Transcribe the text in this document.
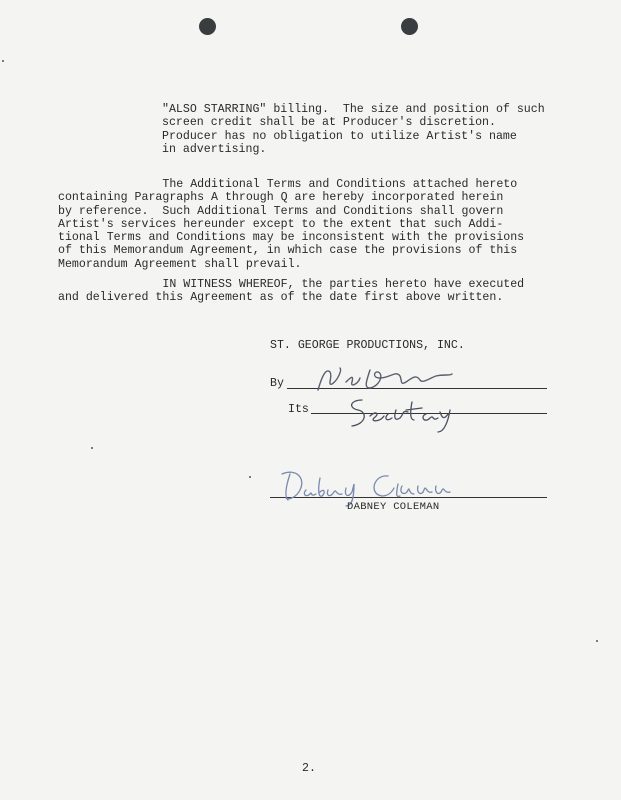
"ALSO STARRING" billing.  The size and position of such
screen credit shall be at Producer's discretion.
Producer has no obligation to utilize Artist's name
in advertising.

The Additional Terms and Conditions attached hereto
containing Paragraphs A through Q are hereby incorporated herein
by reference.  Such Additional Terms and Conditions shall govern
Artist's services hereunder except to the extent that such Addi-
tional Terms and Conditions may be inconsistent with the provisions
of this Memorandum Agreement, in which case the provisions of this
Memorandum Agreement shall prevail.

IN WITNESS WHEREOF, the parties hereto have executed
and delivered this Agreement as of the date first above written.

ST. GEORGE PRODUCTIONS, INC.
By
Its
DABNEY COLEMAN
2.
